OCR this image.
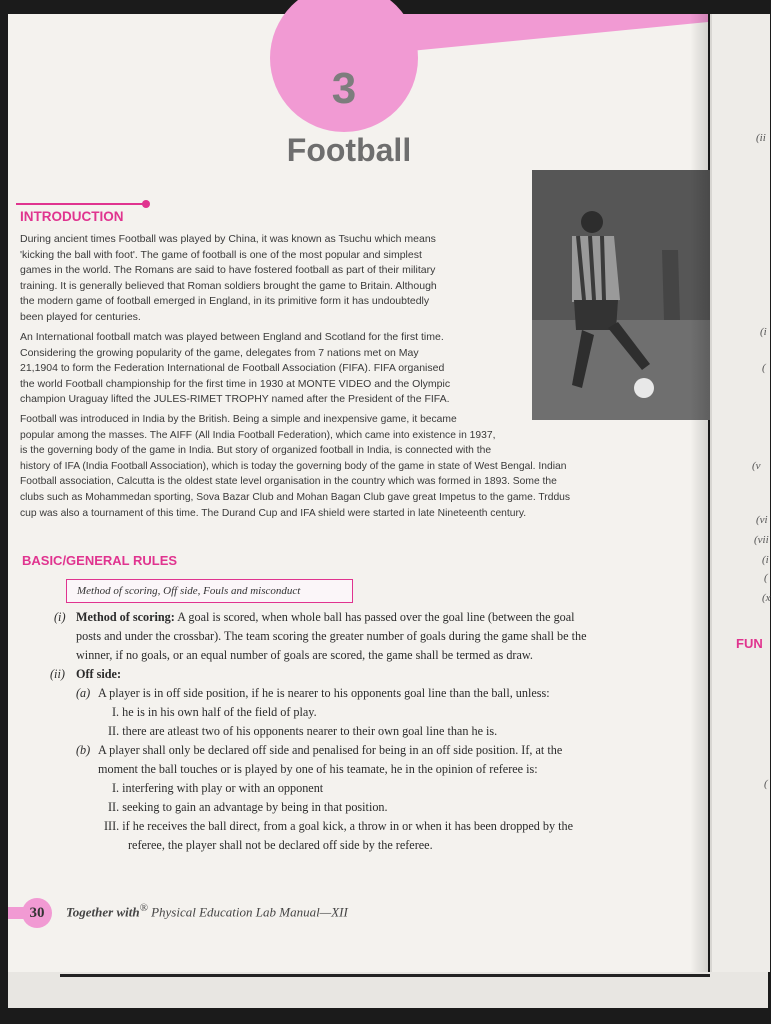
3
Football
INTRODUCTION
During ancient times Football was played by China, it was known as Tsuchu which means
'kicking the ball with foot'. The game of football is one of the most popular and simplest
games in the world. The Romans are said to have fostered football as part of their military
training. It is generally believed that Roman soldiers brought the game to Britain. Although
the modern game of football emerged in England, in its primitive form it has undoubtedly
been played for centuries.
An International football match was played between England and Scotland for the first time.
Considering the growing popularity of the game, delegates from 7 nations met on May
21,1904 to form the Federation International de Football Association (FIFA). FIFA organised
the world Football championship for the first time in 1930 at MONTE VIDEO and the Olympic
champion Uraguay lifted the JULES-RIMET TROPHY named after the President of the FIFA.
Football was introduced in India by the British. Being a simple and inexpensive game, it became
popular among the masses. The AIFF (All India Football Federation), which came into existence in 1937,
is the governing body of the game in India. But story of organized football in India, is connected with the
history of IFA (India Football Association), which is today the governing body of the game in state of West Bengal. Indian
Football association, Calcutta is the oldest state level organisation in the country which was formed in 1893. Some the
clubs such as Mohammedan sporting, Sova Bazar Club and Mohan Bagan Club gave great Impetus to the game. Trddus
cup was also a tournament of this time. The Durand Cup and IFA shield were started in late Nineteenth century.
BASIC/GENERAL RULES
Method of scoring, Off side, Fouls and misconduct
(i) Method of scoring: A goal is scored, when whole ball has passed over the goal line (between the goal
posts and under the crossbar). The team scoring the greater number of goals during the game shall be the
winner, if no goals, or an equal number of goals are scored, the game shall be termed as draw.
(ii) Off side:
(a) A player is in off side position, if he is nearer to his opponents goal line than the ball, unless:
I. he is in his own half of the field of play.
II. there are atleast two of his opponents nearer to their own goal line than he is.
(b) A player shall only be declared off side and penalised for being in an off side position. If, at the
moment the ball touches or is played by one of his teamate, he in the opinion of referee is:
I. interfering with play or with an opponent
II. seeking to gain an advantage by being in that position.
III. if he receives the ball direct, from a goal kick, a throw in or when it has been dropped by the
referee, the player shall not be declared off side by the referee.
30	Together with® Physical Education Lab Manual—XII
(ii
(i
(
(v
(vi
(vii
(i
(
(x
FUN
(
